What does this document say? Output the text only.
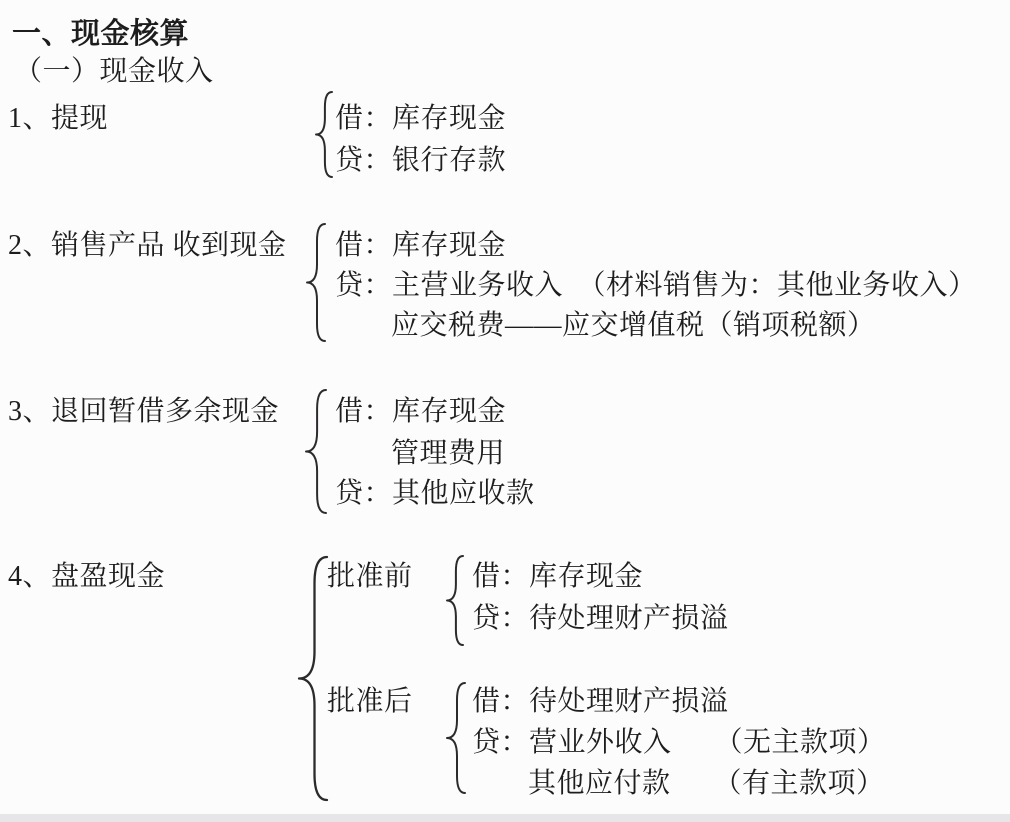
一、现金核算
（一）现金收入
1、提现	借：库存现金
贷：银行存款
2、销售产品 收到现金 借：库存现金
贷：主营业务收入　（材料销售为：其他业务收入）
应交税费——应交增值税（销项税额）
3、退回暂借多余现金 借：库存现金
管理费用
贷：其他应收款
4、盘盈现金	批准前 借：库存现金
贷：待处理财产损溢
批准后 借：待处理财产损溢
贷：营业外收入　　（无主款项）
其他应付款　　（有主款项）
